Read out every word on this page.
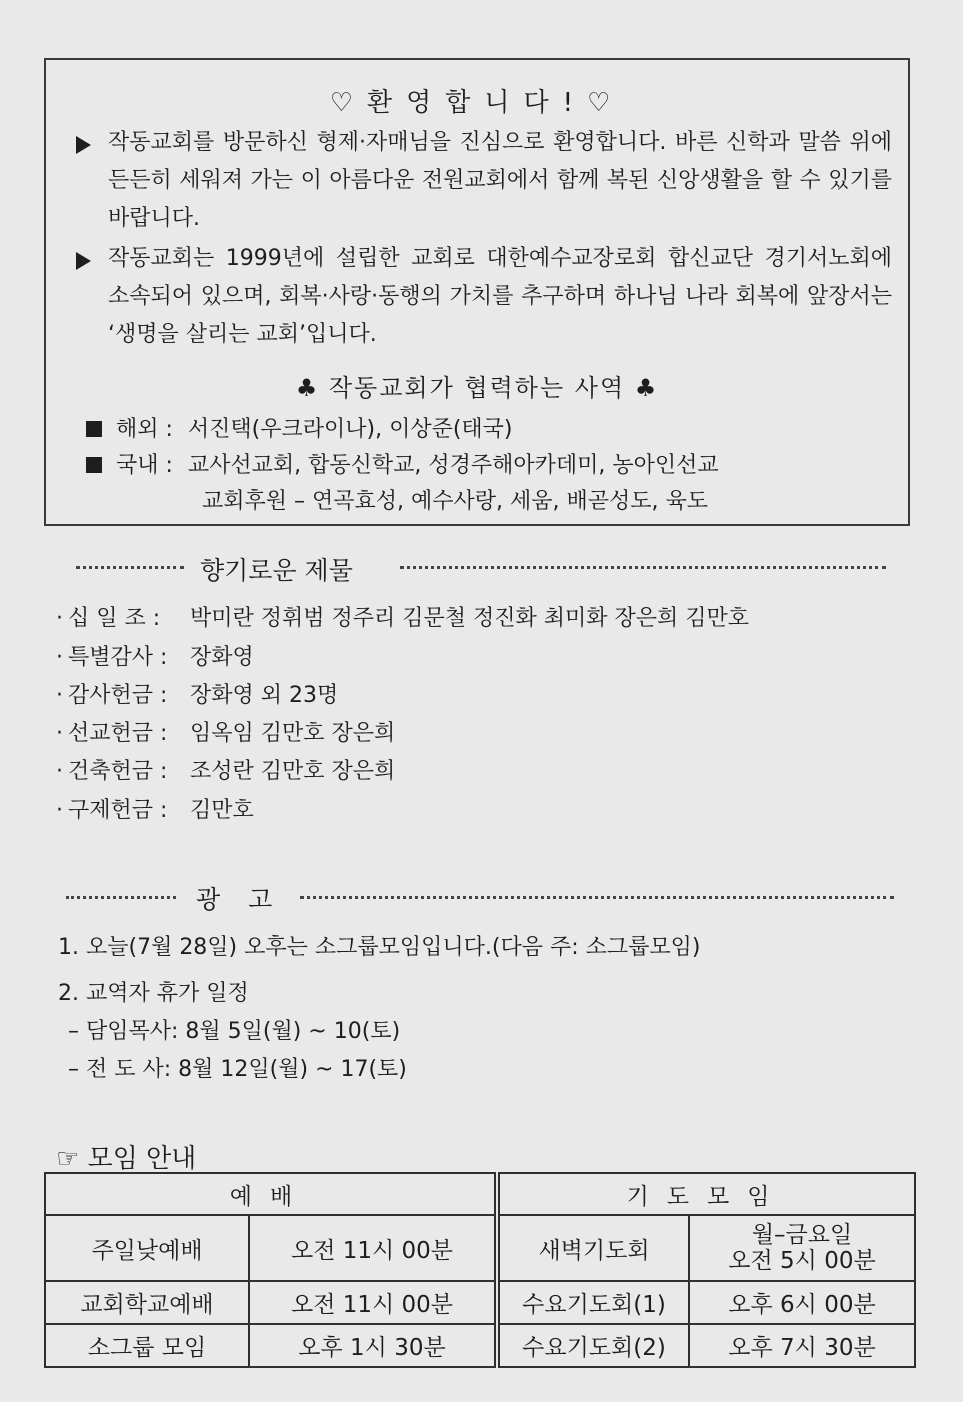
♡환영합니다!♡
작동교회를 방문하신 형제·자매님을 진심으로 환영합니다. 바른 신학과 말씀 위에 든든히 세워져 가는 이 아름다운 전원교회에서 함께 복된 신앙생활을 할 수 있기를 바랍니다.
작동교회는 1999년에 설립한 교회로 대한예수교장로회 합신교단 경기서노회에 소속되어 있으며, 회복·사랑·동행의 가치를 추구하며 하나님 나라 회복에 앞장서는 ‘생명을 살리는 교회’입니다.
♣ 작동교회가 협력하는 사역 ♣
해외 : 서진택(우크라이나), 이상준(태국)
국내 : 교사선교회, 합동신학교, 성경주해아카데미, 농아인선교
교회후원 – 연곡효성, 예수사랑, 세움, 배곧성도, 육도
향기로운 제물
· 십 일 조 : 박미란 정휘범 정주리 김문철 정진화 최미화 장은희 김만호
· 특별감사 : 장화영
· 감사헌금 : 장화영 외 23명
· 선교헌금 : 임옥임 김만호 장은희
· 건축헌금 : 조성란 김만호 장은희
· 구제헌금 : 김만호
광 고
1. 오늘(7월 28일) 오후는 소그룹모임입니다.(다음 주: 소그룹모임)
2. 교역자 휴가 일정
– 담임목사: 8월 5일(월) ~ 10(토)
– 전 도 사: 8월 12일(월) ~ 17(토)
☞ 모임 안내
예배			기도모임	
주일낮예배	오전 11시 00분		새벽기도회	월–금요일
오전 5시 00분

교회학교예배	오전 11시 00분		수요기도회(1)	오후 6시 00분
소그룹 모임	오후 1시 30분		수요기도회(2)	오후 7시 30분
